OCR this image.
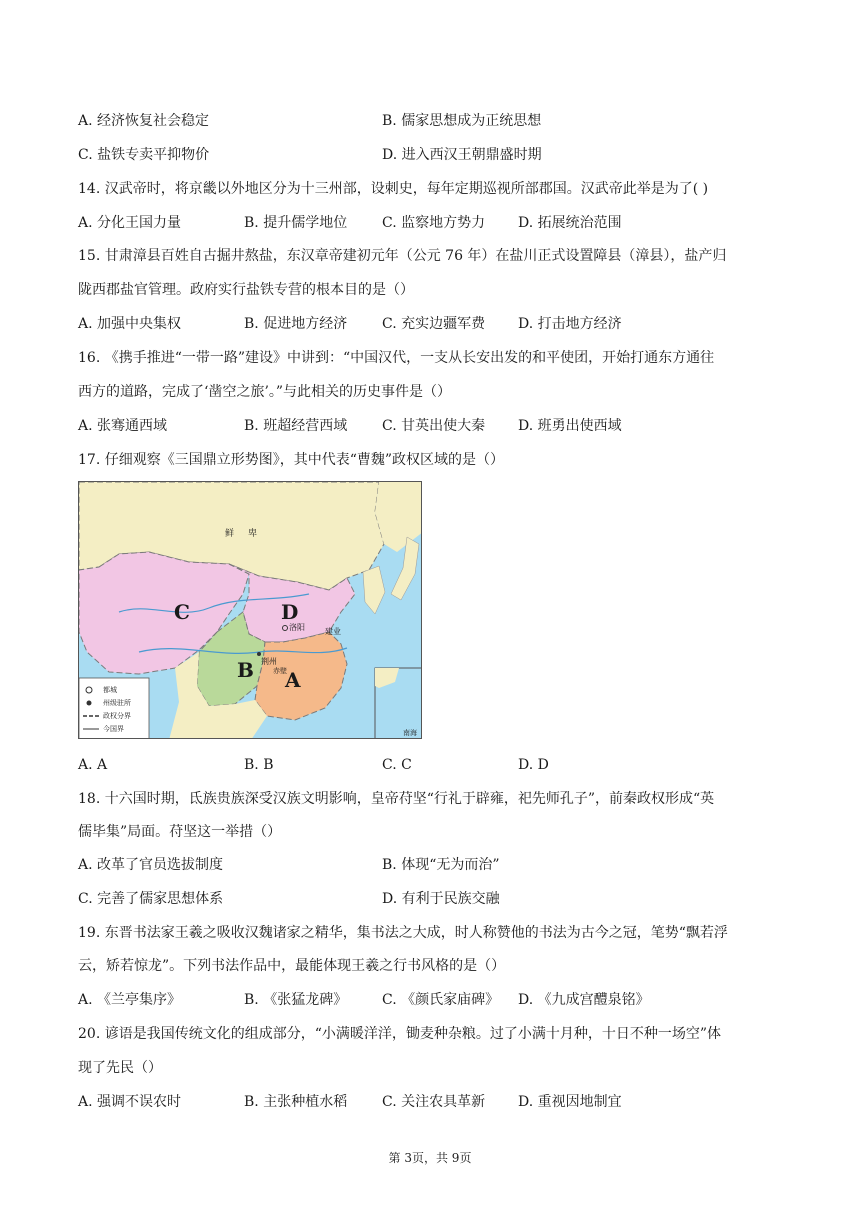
A. 经济恢复社会稳定	B. 儒家思想成为正统思想
C. 盐铁专卖平抑物价	D. 进入西汉王朝鼎盛时期
14. 汉武帝时，将京畿以外地区分为十三州部，设刺史，每年定期巡视所部郡国。汉武帝此举是为了( )
A. 分化王国力量	B. 提升儒学地位 C. 监察地方势力 D. 拓展统治范围
15. 甘肃漳县百姓自古掘井熬盐，东汉章帝建初元年（公元 76 年）在盐川正式设置障县（漳县），盐产归
陇西郡盐官管理。政府实行盐铁专营的根本目的是（）
A. 加强中央集权	B. 促进地方经济 C. 充实边疆军费 D. 打击地方经济
16. 《携手推进“一带一路”建设》中讲到：“中国汉代，一支从长安出发的和平使团，开始打通东方通往
西方的道路，完成了‘凿空之旅’。”与此相关的历史事件是（）
A. 张骞通西域	B. 班超经营西域 C. 甘英出使大秦 D. 班勇出使西域
17. 仔细观察《三国鼎立形势图》，其中代表“曹魏”政权区域的是（）
鲜卑
C	D
B A
洛阳	建业
荆州
赤壁
南海
都城
州级驻所
政权分界
今国界
A. A	B. B	C. C	D. D
18. 十六国时期，氐族贵族深受汉族文明影响，皇帝苻坚“行礼于辟雍，祀先师孔子”，前秦政权形成“英
儒毕集”局面。苻坚这一举措（）
A. 改革了官员选拔制度	B. 体现“无为而治”
C. 完善了儒家思想体系	D. 有利于民族交融
19. 东晋书法家王羲之吸收汉魏诸家之精华，集书法之大成，时人称赞他的书法为古今之冠，笔势“飘若浮
云，矫若惊龙”。下列书法作品中，最能体现王羲之行书风格的是（）
A. 《兰亭集序》	B. 《张猛龙碑》 C. 《颜氏家庙碑》 D. 《九成宫醴泉铭》
20. 谚语是我国传统文化的组成部分，“小满暖洋洋，锄麦种杂粮。过了小满十月种，十日不种一场空”体
现了先民（）
A. 强调不误农时	B. 主张种植水稻 C. 关注农具革新 D. 重视因地制宜
第 3页，共 9页
